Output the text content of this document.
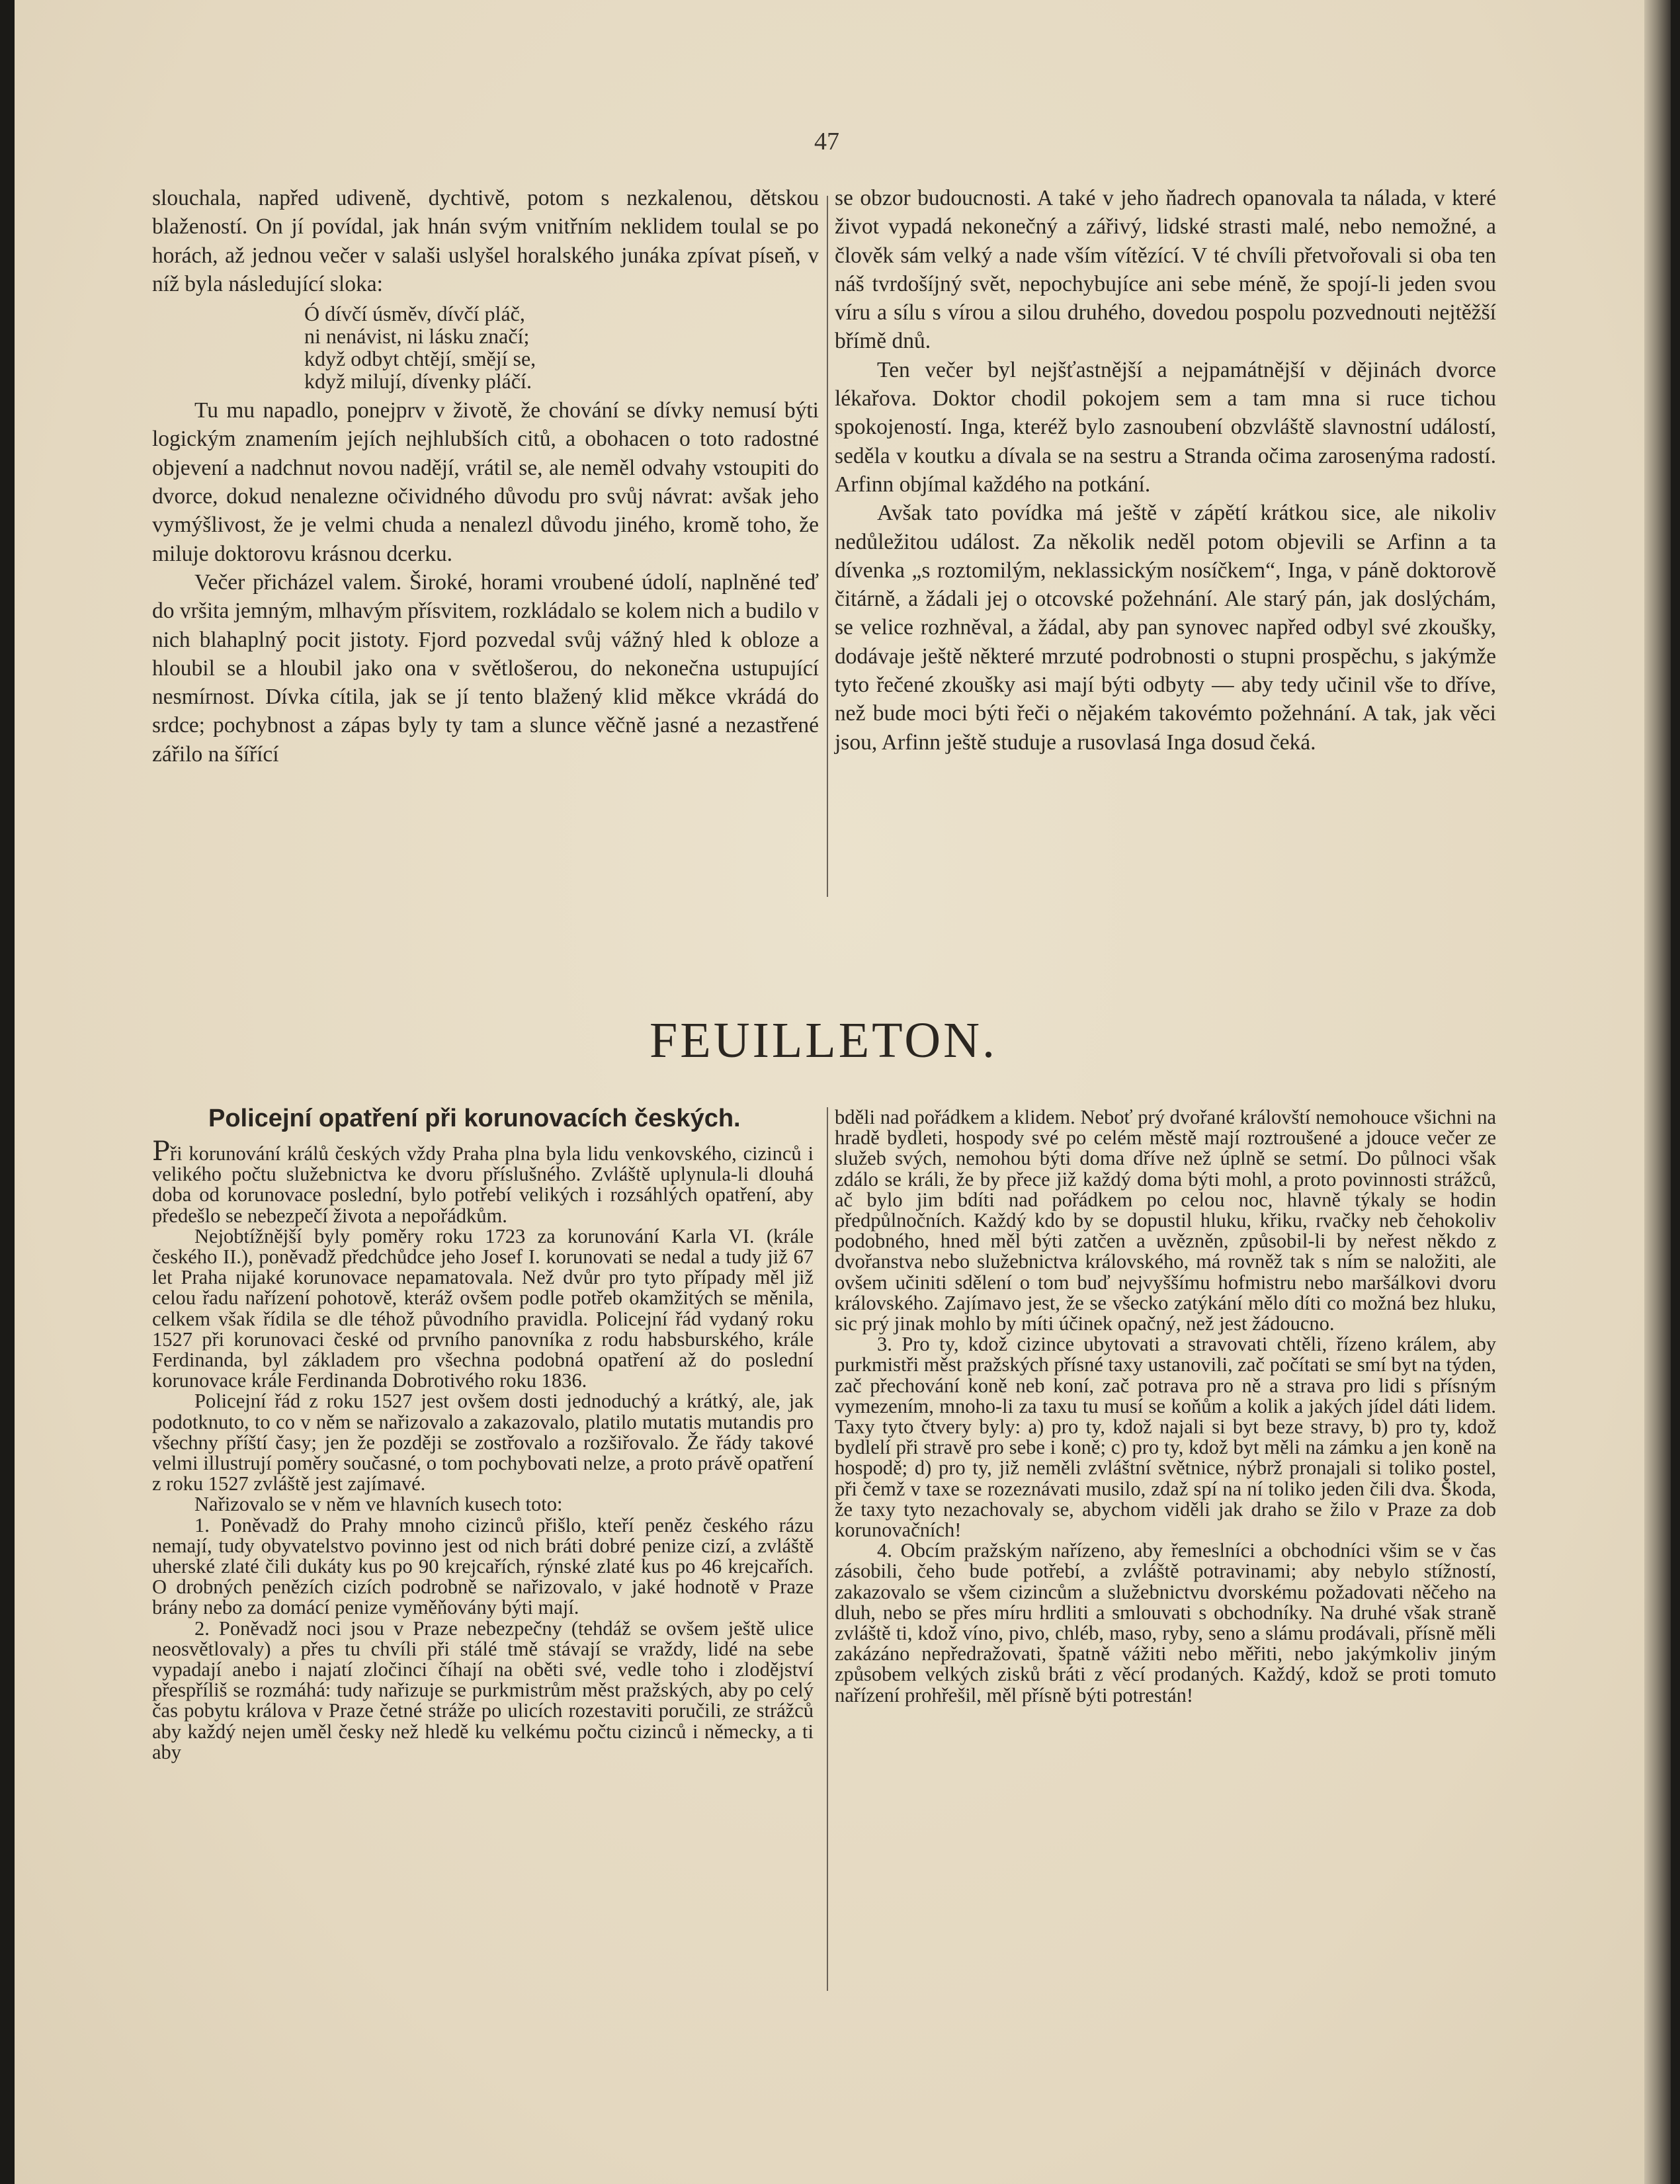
47

slouchala, napřed udiveně, dychtivě, potom s nezkalenou, dětskou blažeností. On jí povídal, jak hnán svým vnitřním neklidem toulal se po horách, až jednou večer v salaši uslyšel horalského junáka zpívat píseň, v níž byla následující sloka:

Ó dívčí úsměv, dívčí pláč,
ni nenávist, ni lásku značí;
když odbyt chtějí, smějí se,
když milují, dívenky pláčí.

Tu mu napadlo, ponejprv v životě, že chování se dívky nemusí býti logickým znamením jejích nejhlubších citů, a obohacen o toto radostné objevení a nadchnut novou nadějí, vrátil se, ale neměl odvahy vstoupiti do dvorce, dokud nenalezne očividného důvodu pro svůj návrat: avšak jeho vymýšlivost, že je velmi chuda a nenalezl důvodu jiného, kromě toho, že miluje doktorovu krásnou dcerku.

Večer přicházel valem. Široké, horami vroubené údolí, naplněné teď do vršita jemným, mlhavým přísvitem, rozkládalo se kolem nich a budilo v nich blahaplný pocit jistoty. Fjord pozvedal svůj vážný hled k obloze a hloubil se a hloubil jako ona v světlošerou, do nekonečna ustupující nesmírnost. Dívka cítila, jak se jí tento blažený klid měkce vkrádá do srdce; pochybnost a zápas byly ty tam a slunce věčně jasné a nezastřené zářilo na šířící

se obzor budoucnosti. A také v jeho ňadrech opanovala ta nálada, v které život vypadá nekonečný a zářivý, lidské strasti malé, nebo nemožné, a člověk sám velký a nade vším vítězící. V té chvíli přetvořovali si oba ten náš tvrdošíjný svět, nepochybujíce ani sebe méně, že spojí-li jeden svou víru a sílu s vírou a silou druhého, dovedou pospolu pozvednouti nejtěžší břímě dnů.

Ten večer byl nejšťastnější a nejpamátnější v dějinách dvorce lékařova. Doktor chodil pokojem sem a tam mna si ruce tichou spokojeností. Inga, kteréž bylo zasnoubení obzvláště slavnostní událostí, seděla v koutku a dívala se na sestru a Stranda očima zarosenýma radostí. Arfinn objímal každého na potkání.

Avšak tato povídka má ještě v zápětí krátkou sice, ale nikoliv nedůležitou událost. Za několik neděl potom objevili se Arfinn a ta dívenka „s roztomilým, neklassickým nosíčkem“, Inga, v páně doktorově čitárně, a žádali jej o otcovské požehnání. Ale starý pán, jak doslýchám, se velice rozhněval, a žádal, aby pan synovec napřed odbyl své zkoušky, dodávaje ještě některé mrzuté podrobnosti o stupni prospěchu, s jakýmže tyto řečené zkoušky asi mají býti odbyty — aby tedy učinil vše to dříve, než bude moci býti řeči o nějakém takovémto požehnání. A tak, jak věci jsou, Arfinn ještě studuje a rusovlasá Inga dosud čeká.

FEUILLETON.
Policejní opatření při korunovacích českých.

Při korunování králů českých vždy Praha plna byla lidu venkovského, cizinců i velikého počtu služebnictva ke dvoru příslušného. Zvláště uplynula-li dlouhá doba od korunovace poslední, bylo potřebí velikých i rozsáhlých opatření, aby předešlo se nebezpečí života a nepořádkům.

Nejobtížnější byly poměry roku 1723 za korunování Karla VI. (krále českého II.), poněvadž předchůdce jeho Josef I. korunovati se nedal a tudy již 67 let Praha nijaké korunovace nepamatovala. Než dvůr pro tyto případy měl již celou řadu nařízení pohotově, kteráž ovšem podle potřeb okamžitých se měnila, celkem však řídila se dle téhož původního pravidla. Policejní řád vydaný roku 1527 při korunovaci české od prvního panovníka z rodu habsburského, krále Ferdinanda, byl základem pro všechna podobná opatření až do poslední korunovace krále Ferdinanda Dobrotivého roku 1836.

Policejní řád z roku 1527 jest ovšem dosti jednoduchý a krátký, ale, jak podotknuto, to co v něm se nařizovalo a zakazovalo, platilo mutatis mutandis pro všechny příští časy; jen že později se zostřovalo a rozšiřovalo. Že řády takové velmi illustrují poměry současné, o tom pochybovati nelze, a proto právě opatření z roku 1527 zvláště jest zajímavé.

Nařizovalo se v něm ve hlavních kusech toto:

1. Poněvadž do Prahy mnoho cizinců přišlo, kteří peněz českého rázu nemají, tudy obyvatelstvo povinno jest od nich bráti dobré penize cizí, a zvláště uherské zlaté čili dukáty kus po 90 krejcařích, rýnské zlaté kus po 46 krejcařích. O drobných penězích cizích podrobně se nařizovalo, v jaké hodnotě v Praze brány nebo za domácí penize vyměňovány býti mají.

2. Poněvadž noci jsou v Praze nebezpečny (tehdáž se ovšem ještě ulice neosvětlovaly) a přes tu chvíli při stálé tmě stávají se vraždy, lidé na sebe vypadají anebo i najatí zločinci číhají na oběti své, vedle toho i zlodějství přespříliš se rozmáhá: tudy nařizuje se purkmistrům měst pražských, aby po celý čas pobytu králova v Praze četné stráže po ulicích rozestaviti poručili, ze strážců aby každý nejen uměl česky než hledě ku velkému počtu cizinců i německy, a ti aby

bděli nad pořádkem a klidem. Neboť prý dvořané královští nemohouce všichni na hradě bydleti, hospody své po celém městě mají roztroušené a jdouce večer ze služeb svých, nemohou býti doma dříve než úplně se setmí. Do půlnoci však zdálo se králi, že by přece již každý doma býti mohl, a proto povinnosti strážců, ač bylo jim bdíti nad pořádkem po celou noc, hlavně týkaly se hodin předpůlnočních. Každý kdo by se dopustil hluku, křiku, rvačky neb čehokoliv podobného, hned měl býti zatčen a uvězněn, způsobil-li by neřest někdo z dvořanstva nebo služebnictva královského, má rovněž tak s ním se naložiti, ale ovšem učiniti sdělení o tom buď nejvyššímu hofmistru nebo maršálkovi dvoru královského. Zajímavo jest, že se všecko zatýkání mělo díti co možná bez hluku, sic prý jinak mohlo by míti účinek opačný, než jest žádoucno.

3. Pro ty, kdož cizince ubytovati a stravovati chtěli, řízeno králem, aby purkmistři měst pražských přísné taxy ustanovili, zač počítati se smí byt na týden, zač přechování koně neb koní, zač potrava pro ně a strava pro lidi s přísným vymezením, mnoho-li za taxu tu musí se koňům a kolik a jakých jídel dáti lidem. Taxy tyto čtvery byly: a) pro ty, kdož najali si byt beze stravy, b) pro ty, kdož bydlelí při stravě pro sebe i koně; c) pro ty, kdož byt měli na zámku a jen koně na hospodě; d) pro ty, již neměli zvláštní světnice, nýbrž pronajali si toliko postel, při čemž v taxe se rozeznávati musilo, zdaž spí na ní toliko jeden čili dva. Škoda, že taxy tyto nezachovaly se, abychom viděli jak draho se žilo v Praze za dob korunovačních!

4. Obcím pražským nařízeno, aby řemeslníci a obchodníci všim se v čas zásobili, čeho bude potřebí, a zvláště potravinami; aby nebylo stížností, zakazovalo se všem cizincům a služebnictvu dvorskému požadovati něčeho na dluh, nebo se přes míru hrdliti a smlouvati s obchodníky. Na druhé však straně zvláště ti, kdož víno, pivo, chléb, maso, ryby, seno a slámu prodávali, přísně měli zakázáno nepředražovati, špatně vážiti nebo měřiti, nebo jakýmkoliv jiným způsobem velkých zisků bráti z věcí prodaných. Každý, kdož se proti tomuto nařízení prohřešil, měl přísně býti potrestán!
